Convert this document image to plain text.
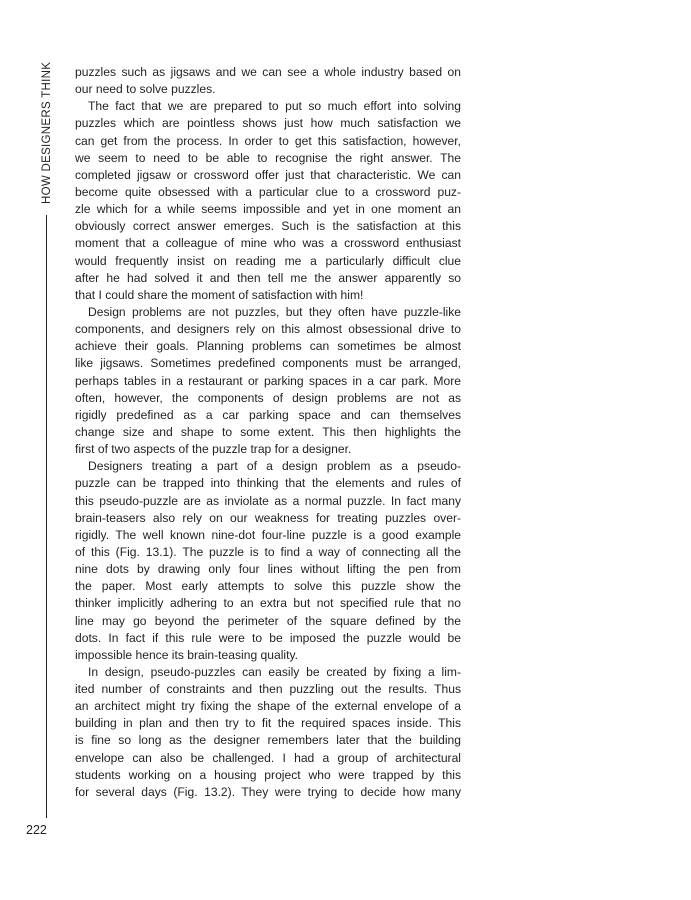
HOW DESIGNERS THINK
222
puzzles such as jigsaws and we can see a whole industry based on
our need to solve puzzles.
The fact that we are prepared to put so much effort into solving
puzzles which are pointless shows just how much satisfaction we
can get from the process. In order to get this satisfaction, however,
we seem to need to be able to recognise the right answer. The
completed jigsaw or crossword offer just that characteristic. We can
become quite obsessed with a particular clue to a crossword puz-
zle which for a while seems impossible and yet in one moment an
obviously correct answer emerges. Such is the satisfaction at this
moment that a colleague of mine who was a crossword enthusiast
would frequently insist on reading me a particularly difficult clue
after he had solved it and then tell me the answer apparently so
that I could share the moment of satisfaction with him!
Design problems are not puzzles, but they often have puzzle-like
components, and designers rely on this almost obsessional drive to
achieve their goals. Planning problems can sometimes be almost
like jigsaws. Sometimes predefined components must be arranged,
perhaps tables in a restaurant or parking spaces in a car park. More
often, however, the components of design problems are not as
rigidly predefined as a car parking space and can themselves
change size and shape to some extent. This then highlights the
first of two aspects of the puzzle trap for a designer.
Designers treating a part of a design problem as a pseudo-
puzzle can be trapped into thinking that the elements and rules of
this pseudo-puzzle are as inviolate as a normal puzzle. In fact many
brain-teasers also rely on our weakness for treating puzzles over-
rigidly. The well known nine-dot four-line puzzle is a good example
of this (Fig. 13.1). The puzzle is to find a way of connecting all the
nine dots by drawing only four lines without lifting the pen from
the paper. Most early attempts to solve this puzzle show the
thinker implicitly adhering to an extra but not specified rule that no
line may go beyond the perimeter of the square defined by the
dots. In fact if this rule were to be imposed the puzzle would be
impossible hence its brain-teasing quality.
In design, pseudo-puzzles can easily be created by fixing a lim-
ited number of constraints and then puzzling out the results. Thus
an architect might try fixing the shape of the external envelope of a
building in plan and then try to fit the required spaces inside. This
is fine so long as the designer remembers later that the building
envelope can also be challenged. I had a group of architectural
students working on a housing project who were trapped by this
for several days (Fig. 13.2). They were trying to decide how many
